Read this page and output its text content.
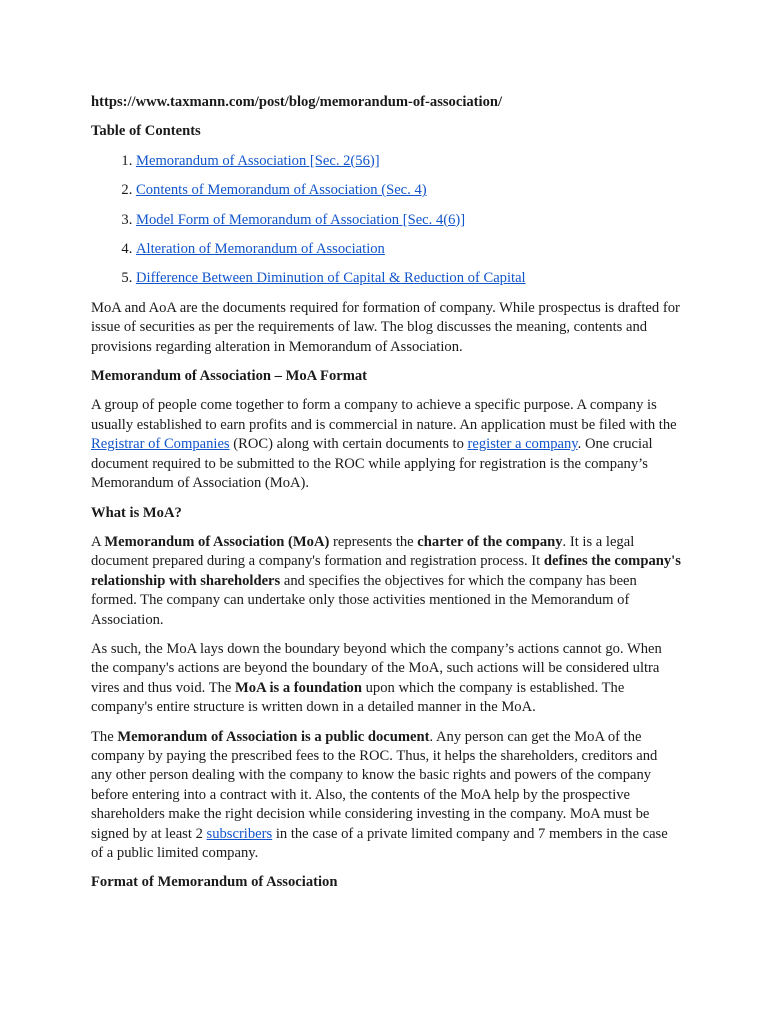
https://www.taxmann.com/post/blog/memorandum-of-association/
Table of Contents
1. Memorandum of Association [Sec. 2(56)]
2. Contents of Memorandum of Association (Sec. 4)
3. Model Form of Memorandum of Association [Sec. 4(6)]
4. Alteration of Memorandum of Association
5. Difference Between Diminution of Capital & Reduction of Capital

MoA and AoA are the documents required for formation of company. While prospectus is drafted for issue of securities as per the requirements of law. The blog discusses the meaning, contents and provisions regarding alteration in Memorandum of Association.

Memorandum of Association – MoA Format

A group of people come together to form a company to achieve a specific purpose. A company is usually established to earn profits and is commercial in nature. An application must be filed with the Registrar of Companies (ROC) along with certain documents to register a company. One crucial document required to be submitted to the ROC while applying for registration is the company’s Memorandum of Association (MoA).

What is MoA?

A Memorandum of Association (MoA) represents the charter of the company. It is a legal document prepared during a company's formation and registration process. It defines the company's relationship with shareholders and specifies the objectives for which the company has been formed. The company can undertake only those activities mentioned in the Memorandum of Association.

As such, the MoA lays down the boundary beyond which the company’s actions cannot go. When the company's actions are beyond the boundary of the MoA, such actions will be considered ultra vires and thus void. The MoA is a foundation upon which the company is established. The company's entire structure is written down in a detailed manner in the MoA.

The Memorandum of Association is a public document. Any person can get the MoA of the company by paying the prescribed fees to the ROC. Thus, it helps the shareholders, creditors and any other person dealing with the company to know the basic rights and powers of the company before entering into a contract with it. Also, the contents of the MoA help by the prospective shareholders make the right decision while considering investing in the company. MoA must be signed by at least 2 subscribers in the case of a private limited company and 7 members in the case of a public limited company.

Format of Memorandum of Association
